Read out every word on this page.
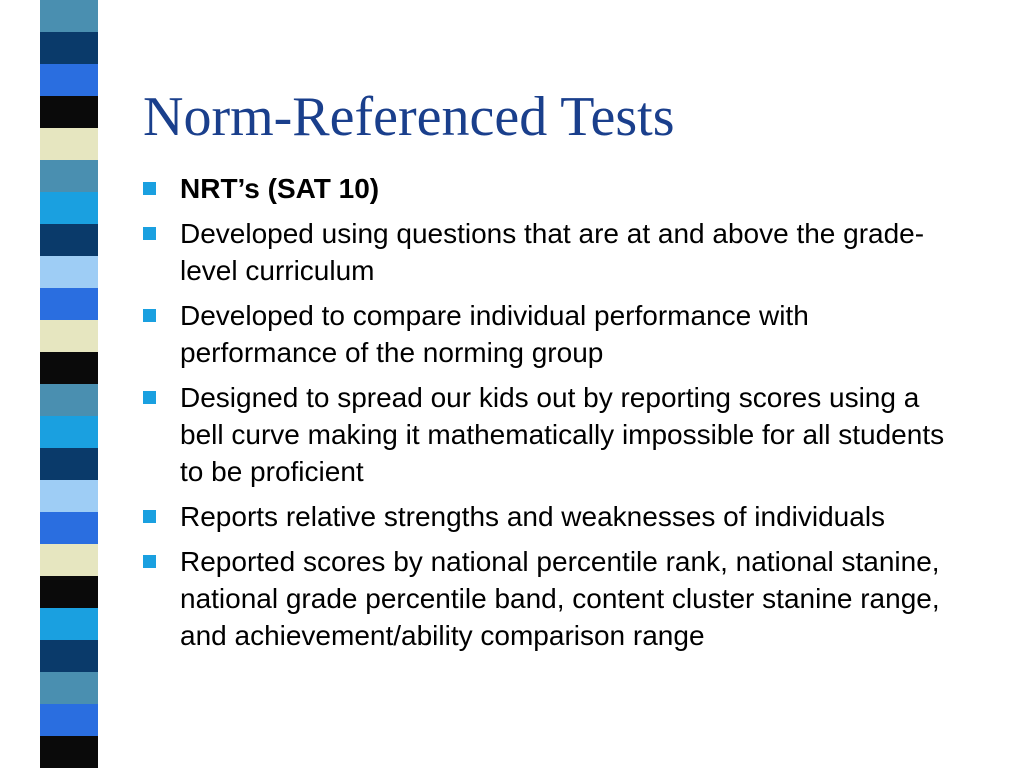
Norm-Referenced Tests
NRT’s (SAT 10)
Developed using questions that are at and above the grade-level curriculum
Developed to compare individual performance with performance of the norming group
Designed to spread our kids out by reporting scores using a bell curve making it mathematically impossible for all students to be proficient
Reports relative strengths and weaknesses of individuals
Reported scores by national percentile rank, national stanine, national grade percentile band, content cluster stanine range, and achievement/ability comparison range
